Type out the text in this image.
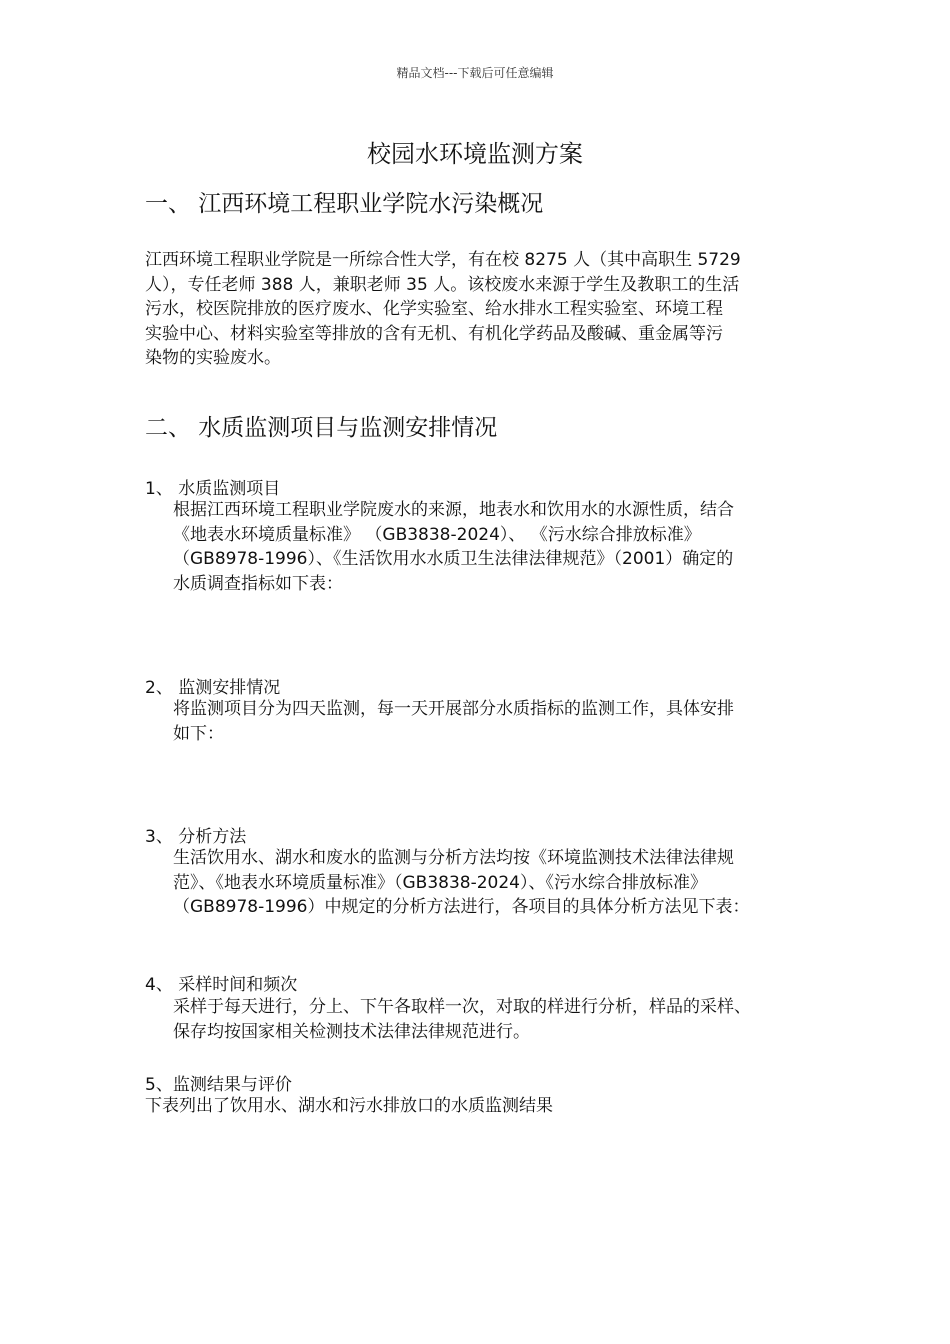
精品文档---下载后可任意编辑
校园水环境监测方案
一、 江西环境工程职业学院水污染概况
江西环境工程职业学院是一所综合性大学，有在校 8275 人（其中高职生 5729
人），专任老师 388 人，兼职老师 35 人。该校废水来源于学生及教职工的生活
污水，校医院排放的医疗废水、化学实验室、给水排水工程实验室、环境工程
实验中心、材料实验室等排放的含有无机、有机化学药品及酸碱、重金属等污
染物的实验废水。
二、 水质监测项目与监测安排情况
1、 水质监测项目
根据江西环境工程职业学院废水的来源，地表水和饮用水的水源性质，结合
《地表水环境质量标准》 （GB3838-2024）、 《污水综合排放标准》
（GB8978-1996）、《生活饮用水水质卫生法律法律规范》（2001）确定的
水质调查指标如下表：
2、 监测安排情况
将监测项目分为四天监测，每一天开展部分水质指标的监测工作，具体安排
如下：
3、 分析方法
生活饮用水、湖水和废水的监测与分析方法均按《环境监测技术法律法律规
范》、《地表水环境质量标准》（GB3838-2024）、《污水综合排放标准》
（GB8978-1996）中规定的分析方法进行，各项目的具体分析方法见下表：
4、 采样时间和频次
采样于每天进行，分上、下午各取样一次，对取的样进行分析，样品的采样、
保存均按国家相关检测技术法律法律规范进行。
5、监测结果与评价
下表列出了饮用水、湖水和污水排放口的水质监测结果
